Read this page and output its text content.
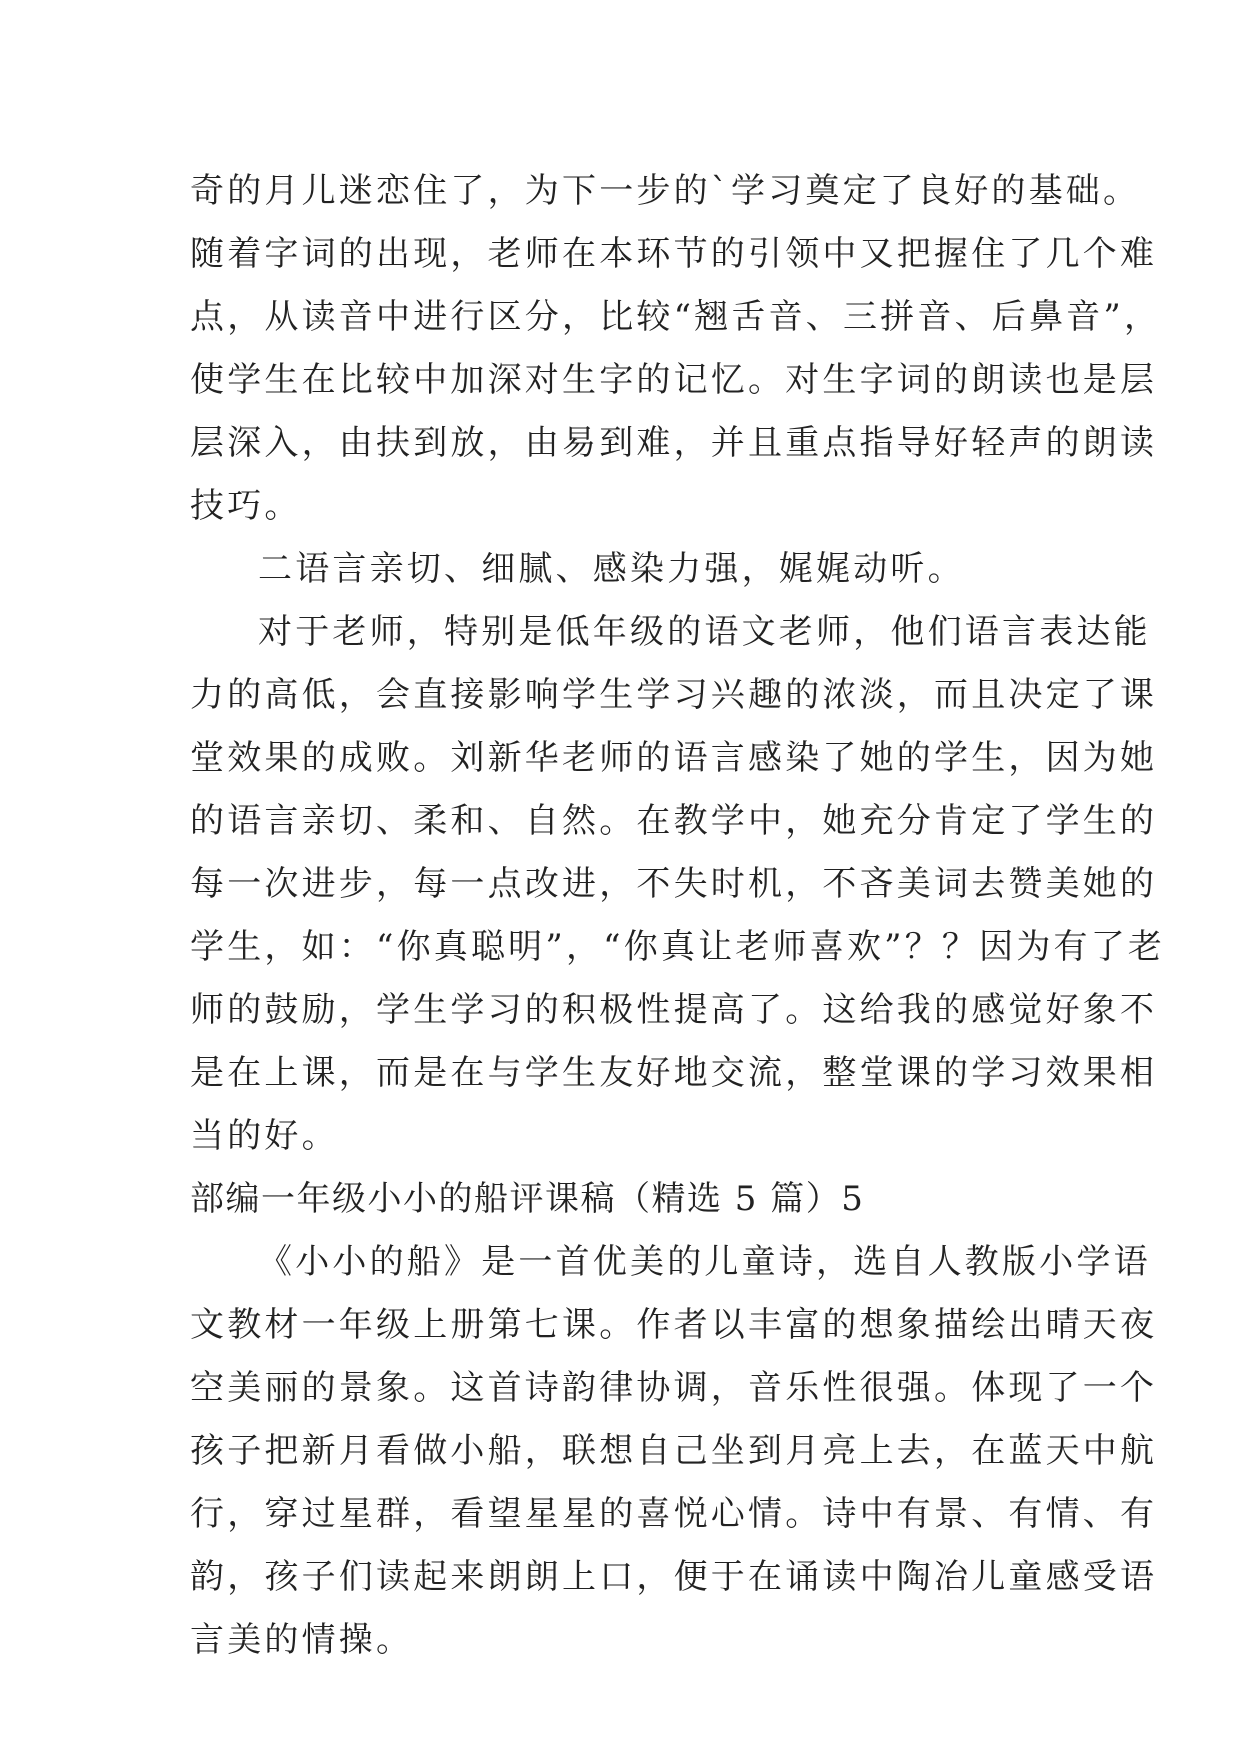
奇的月儿迷恋住了，为下一步的`学习奠定了良好的基础。
随着字词的出现，老师在本环节的引领中又把握住了几个难
点，从读音中进行区分，比较“翘舌音、三拼音、后鼻音”，
使学生在比较中加深对生字的记忆。对生字词的朗读也是层
层深入，由扶到放，由易到难，并且重点指导好轻声的朗读
技巧。
二语言亲切、细腻、感染力强，娓娓动听。
对于老师，特别是低年级的语文老师，他们语言表达能
力的高低，会直接影响学生学习兴趣的浓淡，而且决定了课
堂效果的成败。刘新华老师的语言感染了她的学生，因为她
的语言亲切、柔和、自然。在教学中，她充分肯定了学生的
每一次进步，每一点改进，不失时机，不吝美词去赞美她的
学生，如：“你真聪明”，“你真让老师喜欢”？？因为有了老
师的鼓励，学生学习的积极性提高了。这给我的感觉好象不
是在上课，而是在与学生友好地交流，整堂课的学习效果相
当的好。
部编一年级小小的船评课稿（精选 5 篇）5
《小小的船》是一首优美的儿童诗，选自人教版小学语
文教材一年级上册第七课。作者以丰富的想象描绘出晴天夜
空美丽的景象。这首诗韵律协调，音乐性很强。体现了一个
孩子把新月看做小船，联想自己坐到月亮上去，在蓝天中航
行，穿过星群，看望星星的喜悦心情。诗中有景、有情、有
韵，孩子们读起来朗朗上口，便于在诵读中陶冶儿童感受语
言美的情操。
